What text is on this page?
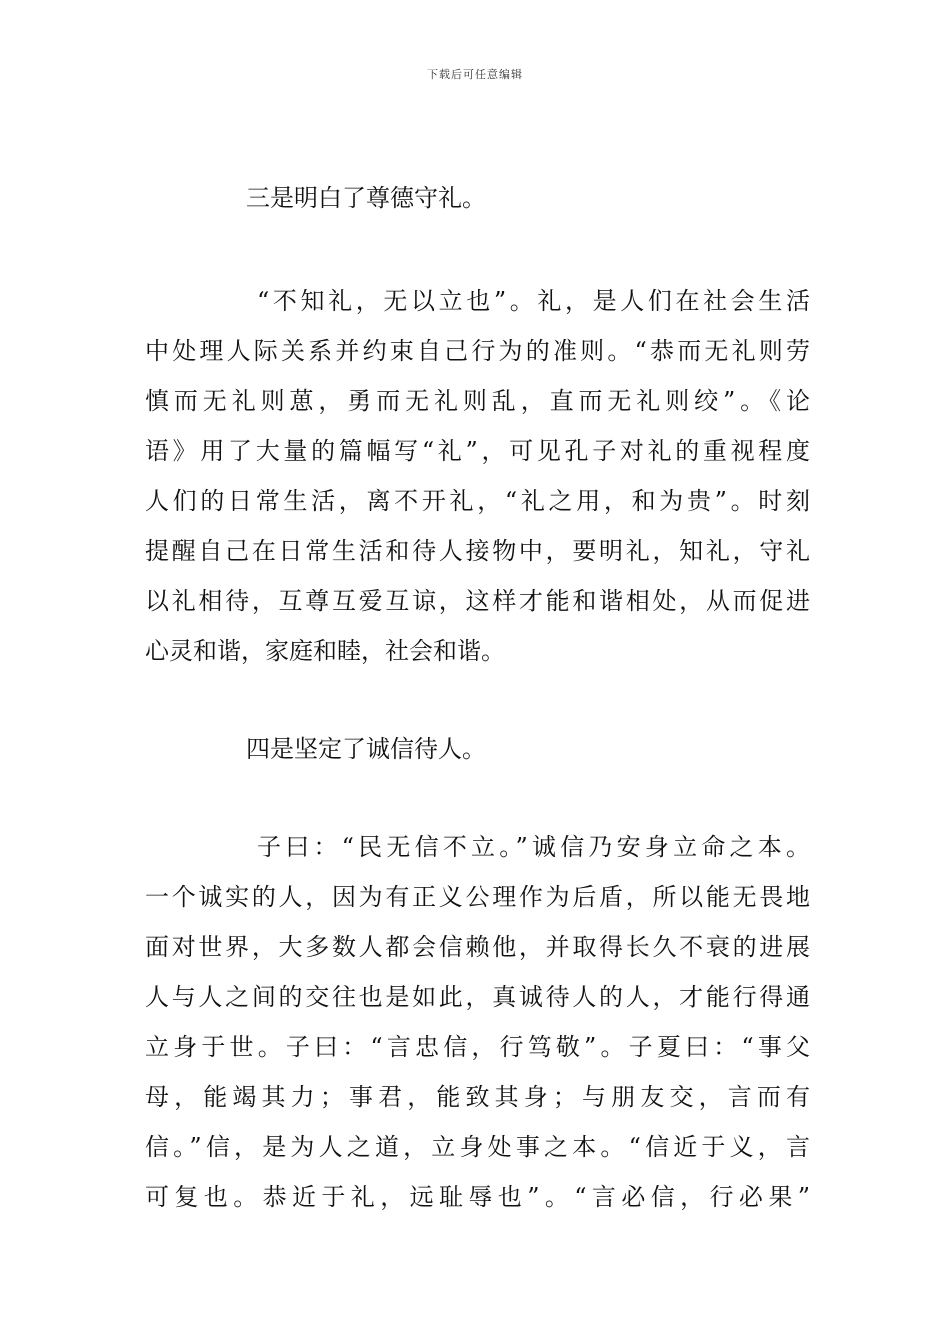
下载后可任意编辑
三是明白了尊德守礼。
“不知礼，无以立也”。礼，是人们在社会生活
中处理人际关系并约束自己行为的准则。“恭而无礼则劳
慎而无礼则葸，勇而无礼则乱，直而无礼则绞”。《论
语》用了大量的篇幅写“礼”，可见孔子对礼的重视程度
人们的日常生活，离不开礼，“礼之用，和为贵”。时刻
提醒自己在日常生活和待人接物中，要明礼，知礼，守礼
以礼相待，互尊互爱互谅，这样才能和谐相处，从而促进
心灵和谐，家庭和睦，社会和谐。
四是坚定了诚信待人。
子曰：“民无信不立。”诚信乃安身立命之本。
一个诚实的人，因为有正义公理作为后盾，所以能无畏地
面对世界，大多数人都会信赖他，并取得长久不衰的进展
人与人之间的交往也是如此，真诚待人的人，才能行得通
立身于世。子曰：“言忠信，行笃敬”。子夏曰：“事父
母，能竭其力；事君，能致其身；与朋友交，言而有
信。”信，是为人之道，立身处事之本。“信近于义，言
可复也。恭近于礼，远耻辱也”。“言必信，行必果”
